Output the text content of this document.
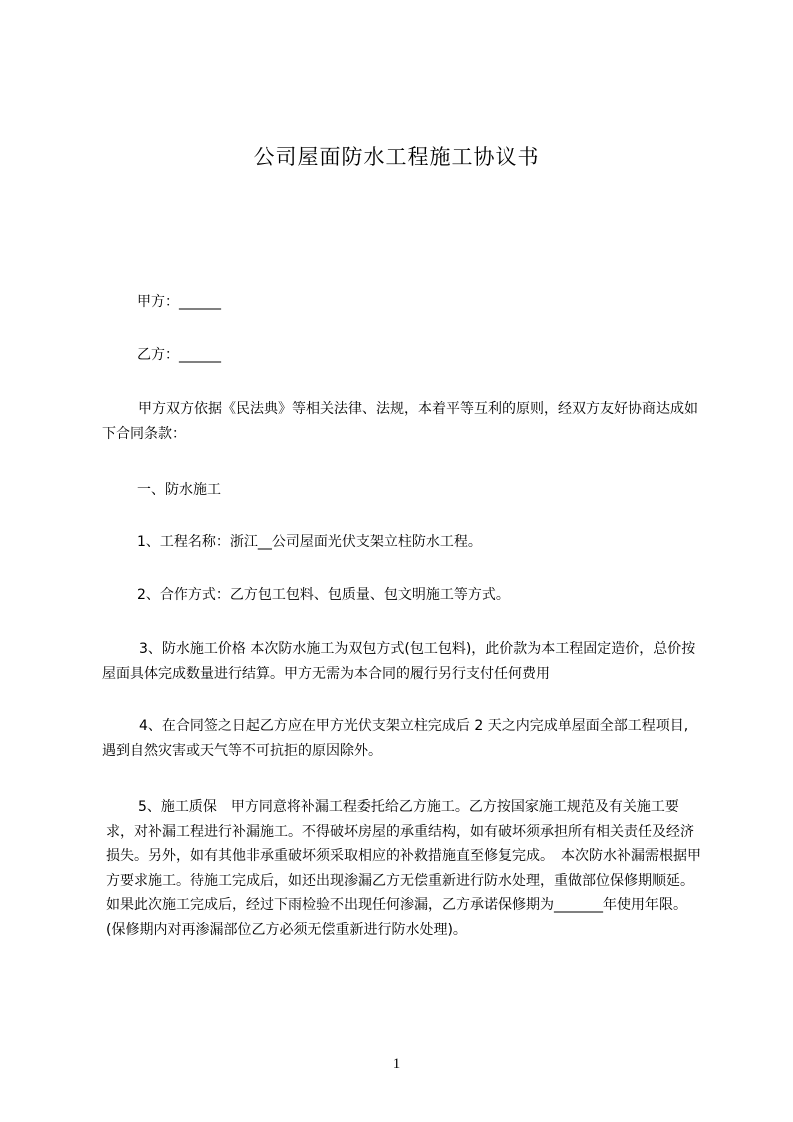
公司屋面防水工程施工协议书
甲方：______
乙方：______
甲方双方依据《民法典》等相关法律、法规，本着平等互利的原则，经双方友好协商达成如下合同条款：
一、防水施工
1、工程名称：浙江__公司屋面光伏支架立柱防水工程。
2、合作方式：乙方包工包料、包质量、包文明施工等方式。
3、防水施工价格 本次防水施工为双包方式(包工包料)，此价款为本工程固定造价，总价按屋面具体完成数量进行结算。甲方无需为本合同的履行另行支付任何费用
4、在合同签之日起乙方应在甲方光伏支架立柱完成后 2 天之内完成单屋面全部工程项目,遇到自然灾害或天气等不可抗拒的原因除外。
5、施工质保　甲方同意将补漏工程委托给乙方施工。乙方按国家施工规范及有关施工要求，对补漏工程进行补漏施工。不得破坏房屋的承重结构，如有破坏须承担所有相关责任及经济损失。另外，如有其他非承重破坏须采取相应的补救措施直至修复完成。　本次防水补漏需根据甲方要求施工。待施工完成后，如还出现渗漏乙方无偿重新进行防水处理，重做部位保修期顺延。如果此次施工完成后，经过下雨检验不出现任何渗漏，乙方承诺保修期为_______年使用年限。(保修期内对再渗漏部位乙方必须无偿重新进行防水处理)。
1
